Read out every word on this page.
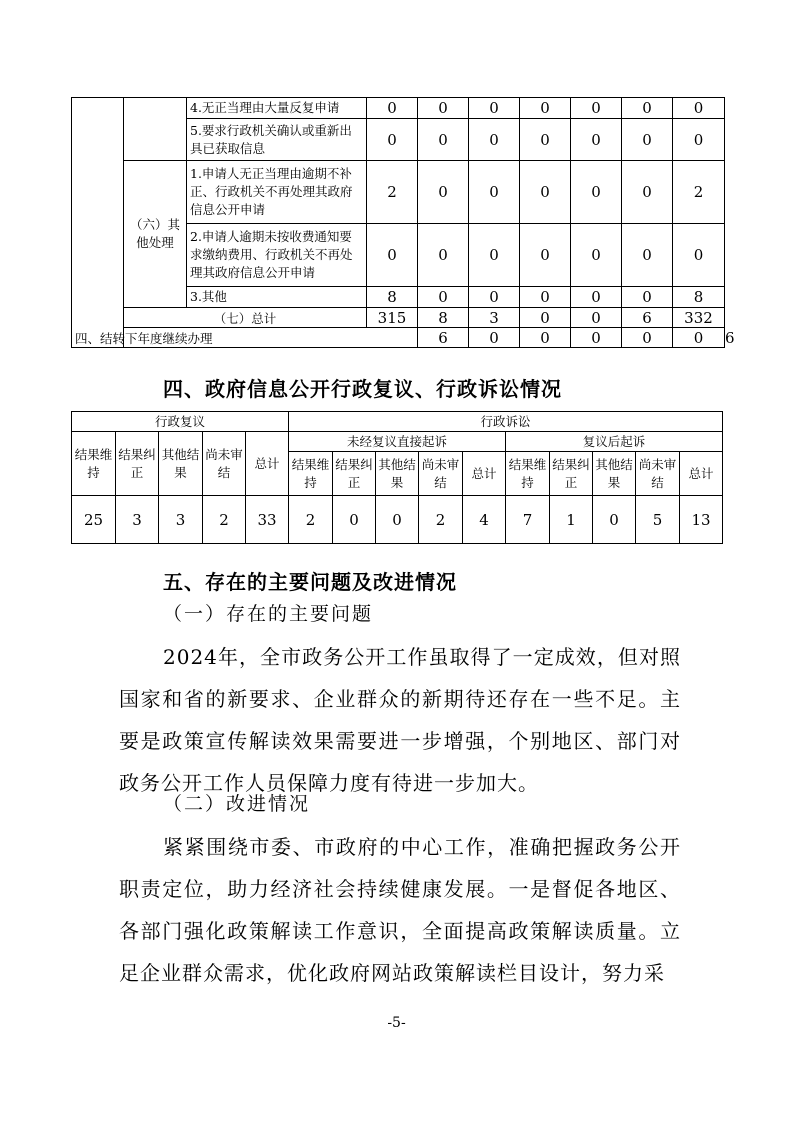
		4.无正当理由大量反复申请	0	0	0	0	0	0	0
5.要求行政机关确认或重新出具已获取信息	0	0	0	0	0	0	0
（六）其他处理	1.申请人无正当理由逾期不补正、行政机关不再处理其政府信息公开申请	2	0	0	0	0	0	2
2.申请人逾期未按收费通知要求缴纳费用、行政机关不再处理其政府信息公开申请	0	0	0	0	0	0	0
3.其他	8	0	0	0	0	0	8
（七）总计	315	8	3	0	0	6	332
四、结转下年度继续办理	6	0	0	0	0	0	6
四、政府信息公开行政复议、行政诉讼情况
行政复议					行政诉讼									
结果维持	结果纠正	其他结果	尚未审结	总计	未经复议直接起诉					复议后起诉				
					结果维持	结果纠正	其他结果	尚未审结	总计	结果维持	结果纠正	其他结果	尚未审结	总计
25	3	3	2	33	2	0	0	2	4	7	1	0	5	13
五、存在的主要问题及改进情况

（一）存在的主要问题

2024年，全市政务公开工作虽取得了一定成效，但对照国家和省的新要求、企业群众的新期待还存在一些不足。主要是政策宣传解读效果需要进一步增强，个别地区、部门对政务公开工作人员保障力度有待进一步加大。

（二）改进情况

紧紧围绕市委、市政府的中心工作，准确把握政务公开职责定位，助力经济社会持续健康发展。一是督促各地区、各部门强化政策解读工作意识，全面提高政策解读质量。立足企业群众需求，优化政府网站政策解读栏目设计，努力采

-5-
